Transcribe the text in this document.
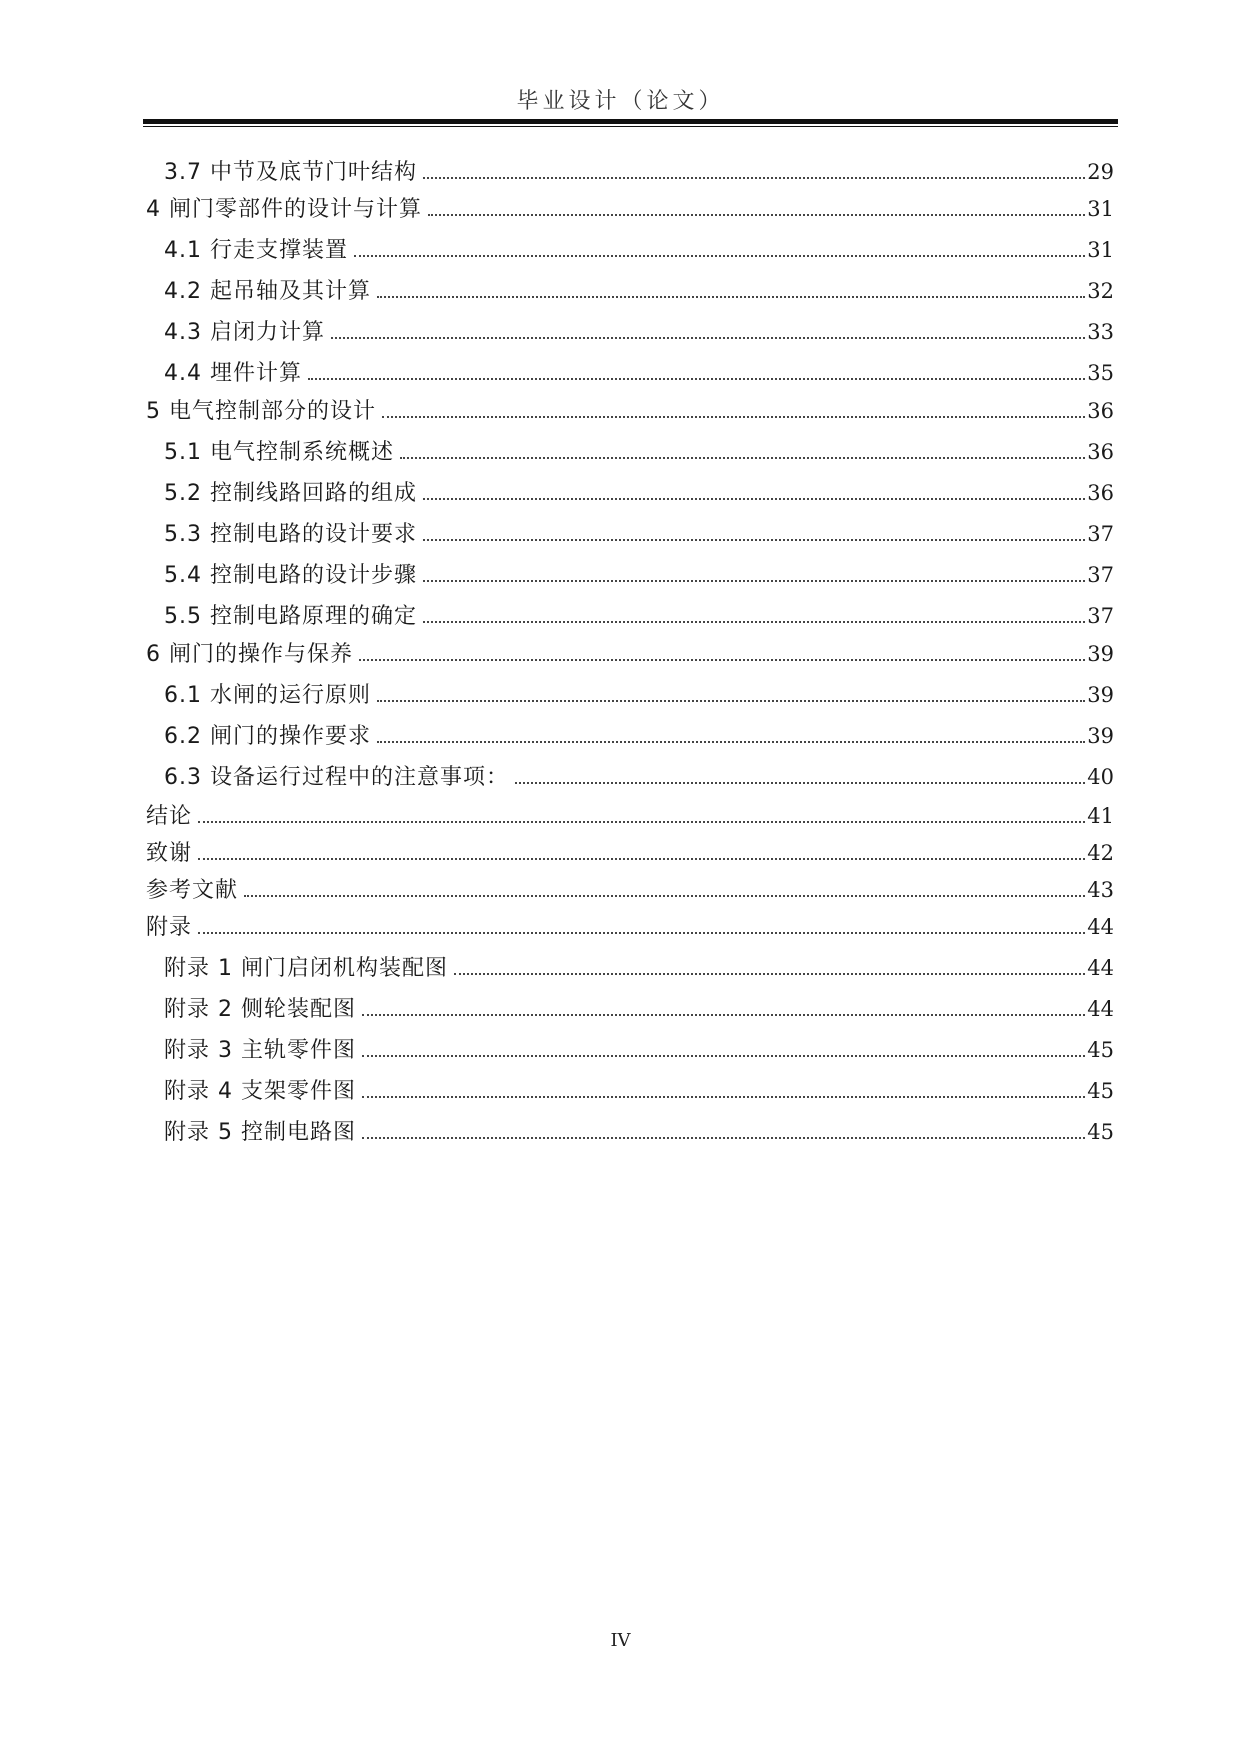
毕业设计（论文）
3.7 中节及底节门叶结构	29
4 闸门零部件的设计与计算	31
4.1 行走支撑装置	31
4.2 起吊轴及其计算	32
4.3 启闭力计算	33
4.4 埋件计算	35
5 电气控制部分的设计	36
5.1 电气控制系统概述	36
5.2 控制线路回路的组成	36
5.3 控制电路的设计要求	37
5.4 控制电路的设计步骤	37
5.5 控制电路原理的确定	37
6 闸门的操作与保养	39
6.1 水闸的运行原则	39
6.2 闸门的操作要求	39
6.3 设备运行过程中的注意事项：	40
结论	41
致谢	42
参考文献	43
附录	44
附录 1 闸门启闭机构装配图	44
附录 2 侧轮装配图	44
附录 3 主轨零件图	45
附录 4 支架零件图	45
附录 5 控制电路图	45
IV
